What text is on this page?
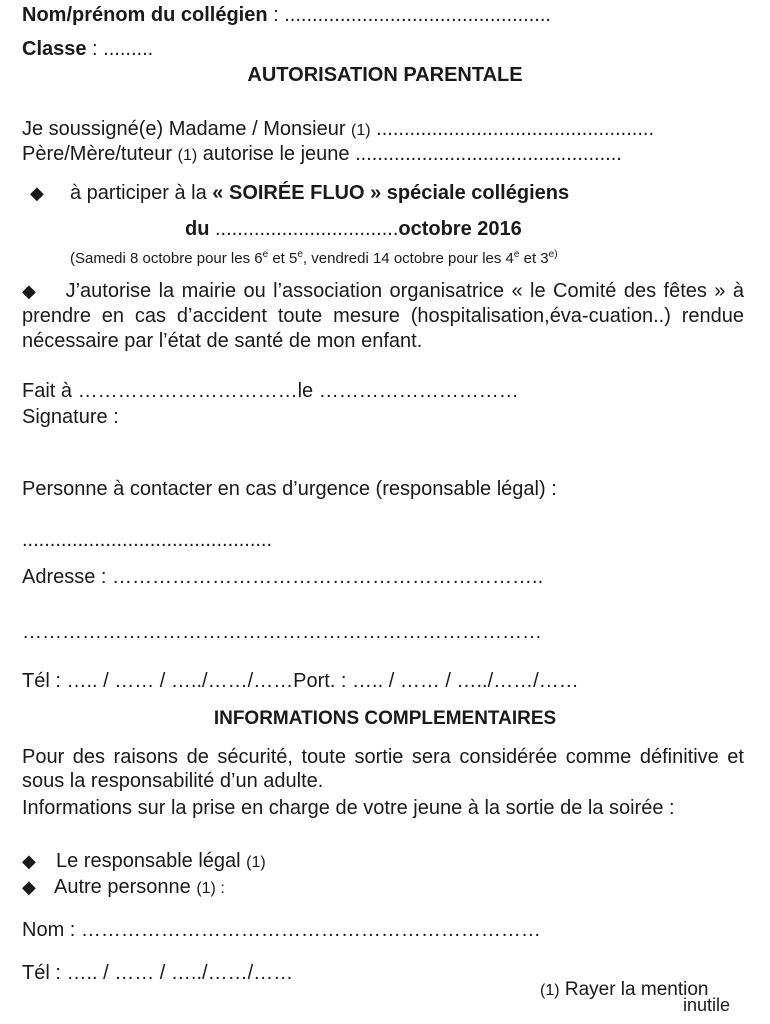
Nom/prénom du collégien : ................................................
Classe : .........
AUTORISATION PARENTALE
Je soussigné(e) Madame / Monsieur (1) ..................................................
Père/Mère/tuteur (1) autorise le jeune ................................................
◆ à participer à la « SOIRÉE FLUO » spéciale collégiens
du .................................octobre 2016
(Samedi 8 octobre pour les 6e et 5e, vendredi 14 octobre pour les 4e et 3$^{e)}$
◆ J’autorise la mairie ou l’association organisatrice « le Comité des fêtes » à prendre en cas d’accident toute mesure (hospitalisation,éva-cuation..) rendue nécessaire par l’état de santé de mon enfant.
Fait à ……………………………le …………………………
Signature :
Personne à contacter en cas d’urgence (responsable légal) :
.............................................
Adresse : ………………………………………………………..
……………………………………………………………………
Tél : ….. / …… / …../……/……Port. : ….. / …… / …../……/……
INFORMATIONS COMPLEMENTAIRES
Pour des raisons de sécurité, toute sortie sera considérée comme définitive et sous la responsabilité d’un adulte.
Informations sur la prise en charge de votre jeune à la sortie de la soirée :
◆ Le responsable légal (1)
◆ Autre personne (1) :
Nom : ……………………………………………………………
Tél : ….. / …… / …../……/……
(1) Rayer la mention
inutile
